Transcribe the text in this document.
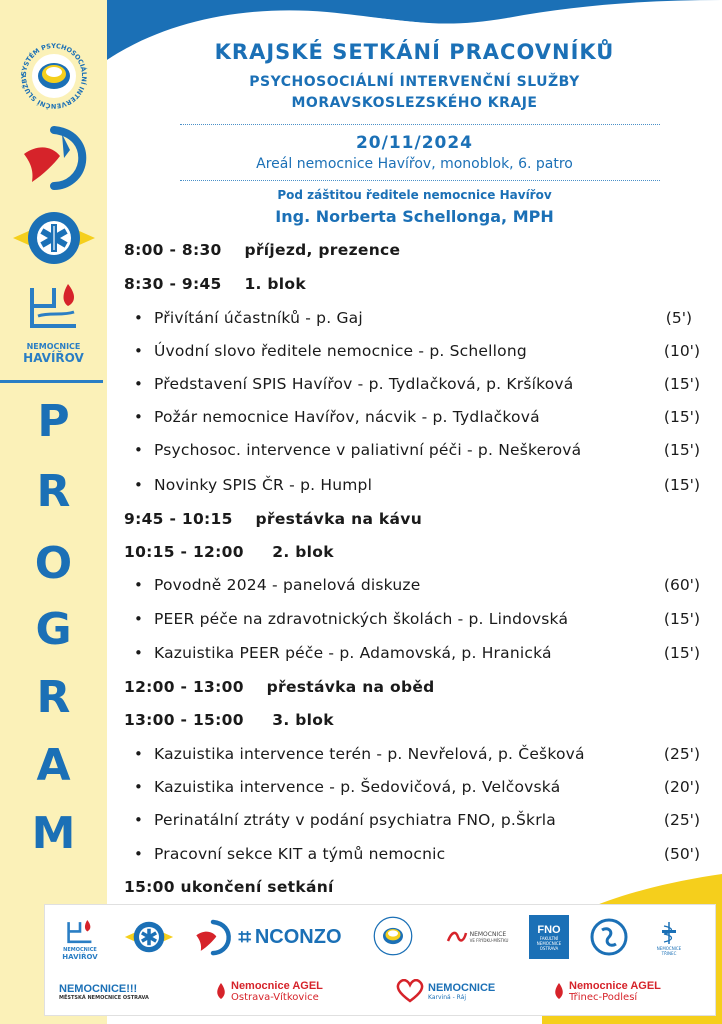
SYSTÉM PSYCHOSOCIÁLNÍ INTERVENČNÍ SLUŽBY
NEMOCNICE
HAVÍŘOV
P
R
O
G
R
A
M
KRAJSKÉ SETKÁNÍ PRACOVNÍKŮ
PSYCHOSOCIÁLNÍ INTERVENČNÍ SLUŽBY
MORAVSKOSLEZSKÉHO KRAJE
20/11/2024
Areál nemocnice Havířov, monoblok, 6. patro
Pod záštitou ředitele nemocnice Havířov
Ing. Norberta Schellonga, MPH
8:00 - 8:30 příjezd, prezence
8:30 - 9:45 1. blok
• Přivítání účastníků - p. Gaj	(5')
• Úvodní slovo ředitele nemocnice - p. Schellong	(10')
• Představení SPIS Havířov - p. Tydlačková, p. Kršíková	(15')
• Požár nemocnice Havířov, nácvik - p. Tydlačková	(15')
• Psychosoc. intervence v paliativní péči - p. Neškerová	(15')
• Novinky SPIS ČR - p. Humpl	(15')
9:45 - 10:15 přestávka na kávu
10:15 - 12:00 2. blok
• Povodně 2024 - panelová diskuze	(60')
• PEER péče na zdravotnických školách - p. Lindovská	(15')
• Kazuistika PEER péče - p. Adamovská, p. Hranická	(15')
12:00 - 13:00 přestávka na oběd
13:00 - 15:00 3. blok
• Kazuistika intervence terén - p. Nevřelová, p. Češková	(25')
• Kazuistika intervence - p. Šedovičová, p. Velčovská	(20')
• Perinatální ztráty v podání psychiatra FNO, p.Škrla	(25')
• Pracovní sekce KIT a týmů nemocnic	(50')
15:00 ukončení setkání
NEMOCNICE
HAVÍŘOV
⌗ NCONZO	NEMOCNICE
VE FRÝDKU-MÍSTKU
FNO
FAKULTNÍ
NEMOCNICE
OSTRAVA	NEMOCNICE
TŘINEC
NEMOCNICE!!!
MĚSTSKÁ NEMOCNICE OSTRAVA
Nemocnice AGEL
Ostrava-Vítkovice
NEMOCNICE
Karviná - Ráj
Nemocnice AGEL
Třinec-Podlesí
